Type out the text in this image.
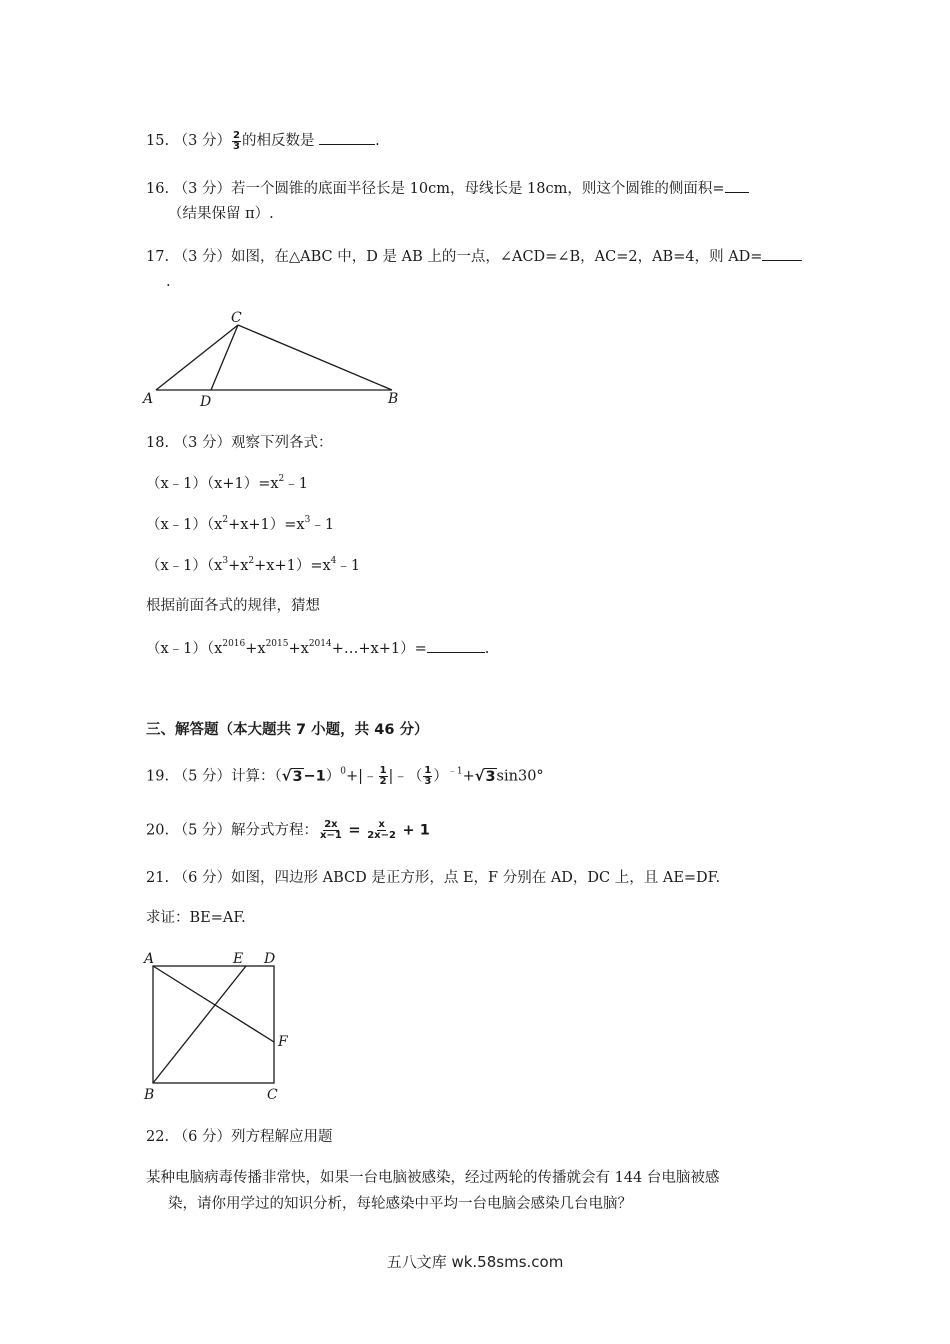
15. （3 分） $\frac{2}{3}$ 的相反数是	.
16. （3 分）若一个圆锥的底面半径长是 10cm，母线长是 18cm，则这个圆锥的侧面积=
（结果保留 π）.
17. （3 分）如图，在△ABC 中，D 是 AB 上的一点，∠ACD=∠B，AC=2，AB=4，则 AD=
.
C
A	D	B
18. （3 分）观察下列各式：
$(x﹣1)(x+1)=x^2﹣1$
$(x﹣1)(x^2+x+1)=x^3﹣1$
$(x﹣1)(x^3+x^2+x+1)=x^4﹣1$
根据前面各式的规律，猜想
$(x﹣1)(x^{2016}+x^{2015}+x^{2014}+\dots+x+1)=$	.
三、解答题（本大题共 7 小题，共 46 分）
19. （5 分）计算：$(√3-1)^0+|﹣ \frac{1}{2}$ |﹣（ $\frac{1}{3} )^{﹣1}+√3\sin 30^\circ$
20. （5 分）解分式方程： $\frac{2x}{x-1} = \frac{x}{2x-2} + 1$
21. （6 分）如图，四边形 ABCD 是正方形，点 E，F 分别在 AD，DC 上，且 AE=DF.
求证：BE=AF.
A	E D
F
B	C
22. （6 分）列方程解应用题
某种电脑病毒传播非常快，如果一台电脑被感染，经过两轮的传播就会有 144 台电脑被感
染，请你用学过的知识分析，每轮感染中平均一台电脑会感染几台电脑？
五八文库 wk.58sms.com
